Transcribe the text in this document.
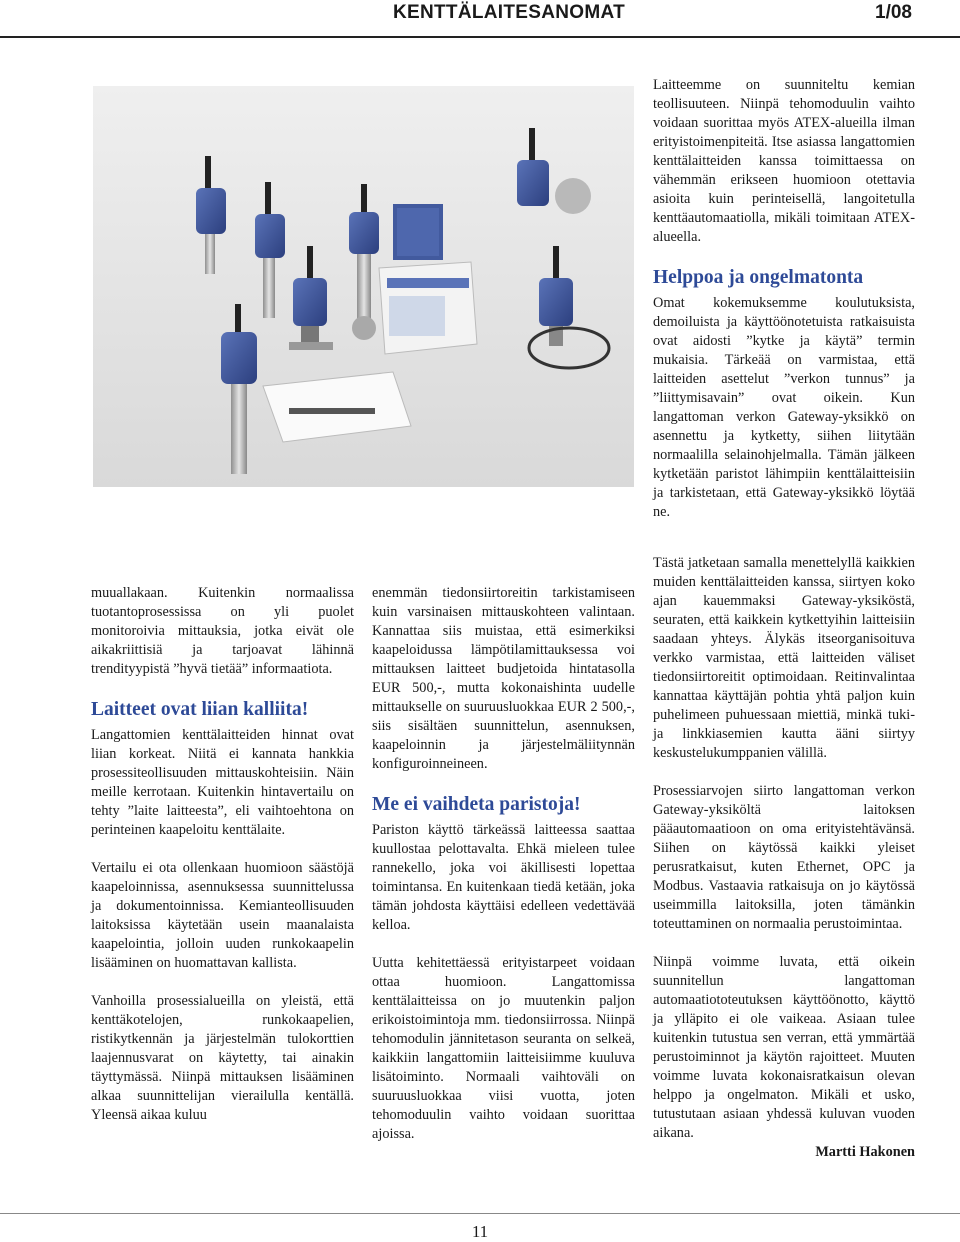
KENTTÄLAITESANOMAT	1/08

Laitteemme on suunniteltu kemian teollisuuteen. Niinpä tehomoduulin vaihto voidaan suorittaa myös ATEX-alueilla ilman erityistoimenpiteitä. Itse asiassa langattomien kenttälaitteiden kanssa toimittaessa on vähemmän erikseen huomioon otettavia asioita kuin perinteisellä, langoitetulla kenttäautomaatiolla, mikäli toimitaan ATEX-alueella.

Helppoa ja ongelmatonta

Omat kokemuksemme koulutuksista, demoiluista ja käyttöönotetuista ratkaisuista ovat aidosti ”kytke ja käytä” termin mukaisia. Tärkeää on varmistaa, että laitteiden asettelut ”verkon tunnus” ja ”liittymisavain” ovat oikein. Kun langattoman verkon Gateway-yksikkö on asennettu ja kytketty, siihen liitytään normaalilla selainohjelmalla. Tämän jälkeen kytketään paristot lähimpiin kenttälaitteisiin ja tarkistetaan, että Gateway-yksikkö löytää ne.

muuallakaan. Kuitenkin normaalissa tuotantoprosessissa on yli puolet monitoroivia mittauksia, jotka eivät ole aikakriittisiä ja tarjoavat lähinnä trendityypistä ”hyvä tietää” informaatiota.

Laitteet ovat liian kalliita!

Langattomien kenttälaitteiden hinnat ovat liian korkeat. Niitä ei kannata hankkia prosessiteollisuuden mittauskohteisiin. Näin meille kerrotaan. Kuitenkin hintavertailu on tehty ”laite laitteesta”, eli vaihtoehtona on perinteinen kaapeloitu kenttälaite.

Vertailu ei ota ollenkaan huomioon säästöjä kaapeloinnissa, asennuksessa suunnittelussa ja dokumentoinnissa. Kemianteollisuuden laitoksissa käytetään usein maanalaista kaapelointia, jolloin uuden runkokaapelin lisääminen on huomattavan kallista.

Vanhoilla prosessialueilla on yleistä, että kenttäkotelojen, runkokaapelien, ristikytkennän ja järjestelmän tulokorttien laajennusvarat on käytetty, tai ainakin täyttymässä. Niinpä mittauksen lisääminen alkaa suunnittelijan vierailulla kentällä. Yleensä aikaa kuluu

enemmän tiedonsiirtoreitin tarkistamiseen kuin varsinaisen mittauskohteen valintaan. Kannattaa siis muistaa, että esimerkiksi kaapeloidussa lämpötilamittauksessa voi mittauksen laitteet budjetoida hintatasolla EUR 500,-, mutta kokonaishinta uudelle mittaukselle on suuruusluokkaa EUR 2 500,-, siis sisältäen suunnittelun, asennuksen, kaapeloinnin ja järjestelmäliitynnän konfiguroinneineen.

Me ei vaihdeta paristoja!

Pariston käyttö tärkeässä laitteessa saattaa kuullostaa pelottavalta. Ehkä mieleen tulee rannekello, joka voi äkillisesti lopettaa toimintansa. En kuitenkaan tiedä ketään, joka tämän johdosta käyttäisi edelleen vedettävää kelloa.

Uutta kehitettäessä erityistarpeet voidaan ottaa huomioon. Langattomissa kenttälaitteissa on jo muutenkin paljon erikoistoimintoja mm. tiedonsiirrossa. Niinpä tehomodulin jännitetason seuranta on selkeä, kaikkiin langattomiin laitteisiimme kuuluva lisätoiminto. Normaali vaihtoväli on suuruusluokkaa viisi vuotta, joten tehomoduulin vaihto voidaan suorittaa ajoissa.

Tästä jatketaan samalla menettelyllä kaikkien muiden kenttälaitteiden kanssa, siirtyen koko ajan kauemmaksi Gateway-yksiköstä, seuraten, että kaikkein kytkettyihin laitteisiin saadaan yhteys. Älykäs itseorganisoituva verkko varmistaa, että laitteiden väliset tiedonsiirtoreitit optimoidaan. Reitinvalintaa kannattaa käyttäjän pohtia yhtä paljon kuin puhelimeen puhuessaan miettiä, minkä tuki- ja linkkiasemien kautta ääni siirtyy keskustelukumppanien välillä.

Prosessiarvojen siirto langattoman verkon Gateway-yksiköltä laitoksen pääautomaatioon on oma erityistehtävänsä. Siihen on käytössä kaikki yleiset perusratkaisut, kuten Ethernet, OPC ja Modbus. Vastaavia ratkaisuja on jo käytössä useimmilla laitoksilla, joten tämänkin toteuttaminen on normaalia perustoimintaa.

Niinpä voimme luvata, että oikein suunnitellun langattoman automaatiototeutuksen käyttöönotto, käyttö ja ylläpito ei ole vaikeaa. Asiaan tulee kuitenkin tutustua sen verran, että ymmärtää perustoiminnot ja käytön rajoitteet. Muuten voimme luvata kokonaisratkaisun olevan helppo ja ongelmaton. Mikäli et usko, tutustutaan asiaan yhdessä kuluvan vuoden aikana.

Martti Hakonen
11
